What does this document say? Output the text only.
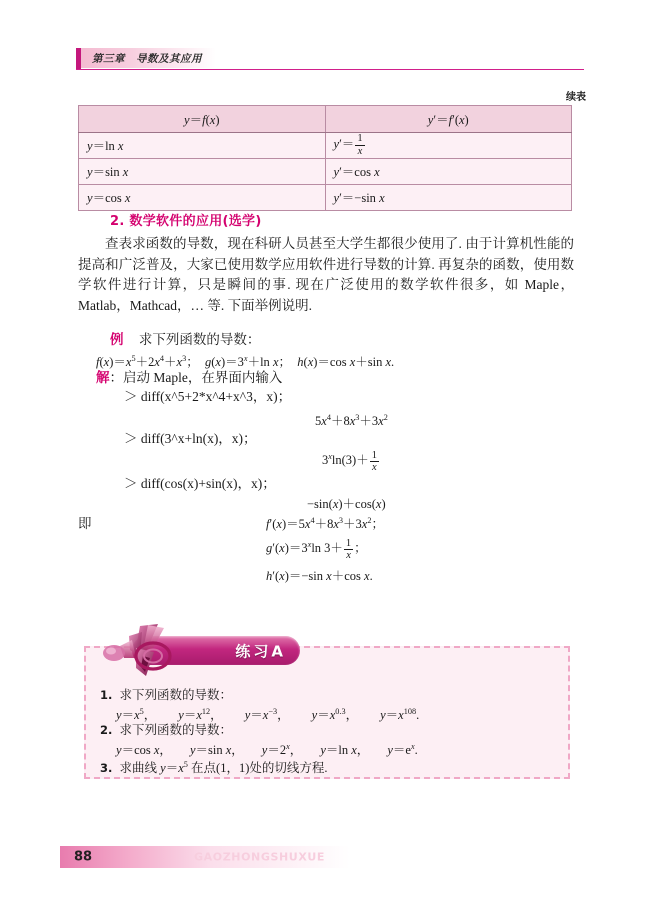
第三章　导数及其应用
续表
y＝f(x)	y′＝f′(x)
y＝ln x	$y'= \frac{1}{x}$

y＝sin x	y′＝cos x
y＝cos x	y′＝−sin x
2. 数学软件的应用(选学)
查表求函数的导数，现在科研人员甚至大学生都很少使用了. 由于计算机性能的提高和广泛普及，大家已使用数学应用软件进行导数的计算. 再复杂的函数，使用数学软件进行计算，只是瞬间的事. 现在广泛使用的数学软件很多，如 Maple，Matlab，Mathcad，… 等. 下面举例说明.
例 求下列函数的导数：
$f(x)=x^5+2x^4+x^3$；  $g(x)=3^x+\ln$ x；  h(x)＝cos x＋sin x.
解：启动 Maple，在界面内输入
＞ diff(x^5+2*x^4+x^3，x)；
$5x^4+8x^3+3x^2$
＞ diff(3^x+ln(x)，x)；
$3^x\ln(3)+ \frac{1}{x}$
＞ diff(cos(x)+sin(x)，x)；
−sin(x)＋cos(x)
即	$f'(x)=5x^4+8x^3+3x^2$；
$g'(x)=3^x\ln$ $3+ \frac{1}{x}$ ；
h′(x)＝−sin x＋cos x.
练习A
1. 求下列函数的导数：
$y=x^5$， $y=x^{12}$， $y=x^{-3}$， $y=x^{0.3}$， $y=x^{108}$.
2. 求下列函数的导数：
y＝cos x， y＝sin x， $y=2^x$， y＝ln x， $y=e^x$.
3. 求曲线 $y=x^5$ 在点(1，1)处的切线方程.
88	GAOZHONGSHUXUE
